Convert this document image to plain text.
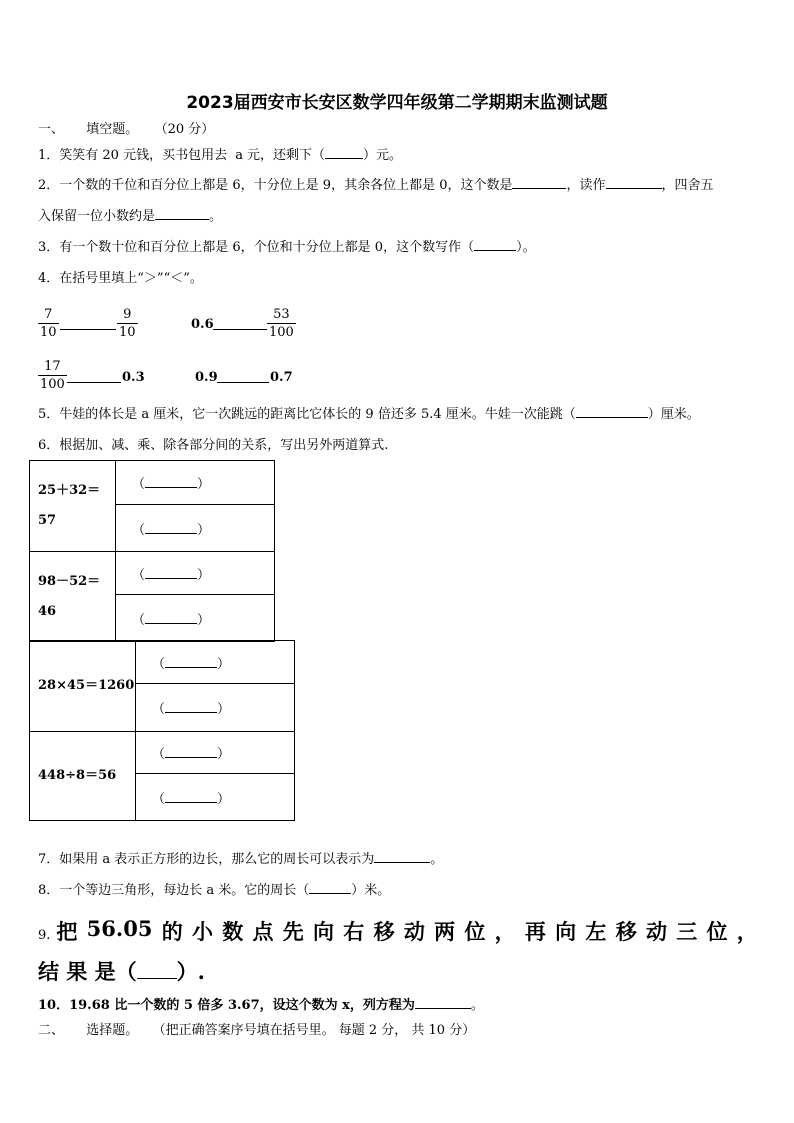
2023届西安市长安区数学四年级第二学期期末监测试题
一、 填空题。 （20 分）
1．笑笑有 20 元钱，买书包用去 a 元，还剩下（	）元。
2．一个数的千位和百分位上都是 6，十分位上是 9，其余各位上都是 0，这个数是	，读作	，四舍五
入保留一位小数约是	。
3．有一个数十位和百分位上都是 6，个位和十分位上都是 0，这个数写作（	）。
4．在括号里填上“＞”“＜”。
$\frac{7}{10}$	$\frac{9}{10}$	0.6	$\frac{53}{100}$
$\frac{17}{100}$	0.3	0.9	0.7
5．牛娃的体长是 a 厘米，它一次跳远的距离比它体长的 9 倍还多 5.4 厘米。牛娃一次能跳（	）厘米。
6．根据加、减、乘、除各部分间的关系，写出另外两道算式.
25＋32＝
57	（ ）
	（ ）

98－52＝
46	（ ）
	（ ）
28×45＝1260	（ ）
	（ ）

448÷8＝56	（ ）
	（ ）
7．如果用 a 表示正方形的边长，那么它的周长可以表示为	。
8．一个等边三角形，每边长 a 米。它的周长（	）米。
9. 把 56.05 的 小 数 点 先 向 右 移 动 两 位 ， 再 向 左 移 动 三 位 ，
结 果 是（ ）.
10．19.68 比一个数的 5 倍多 3.67，设这个数为 x，列方程为	。
二、 选择题。 （把正确答案序号填在括号里。 每题 2 分， 共 10 分）
